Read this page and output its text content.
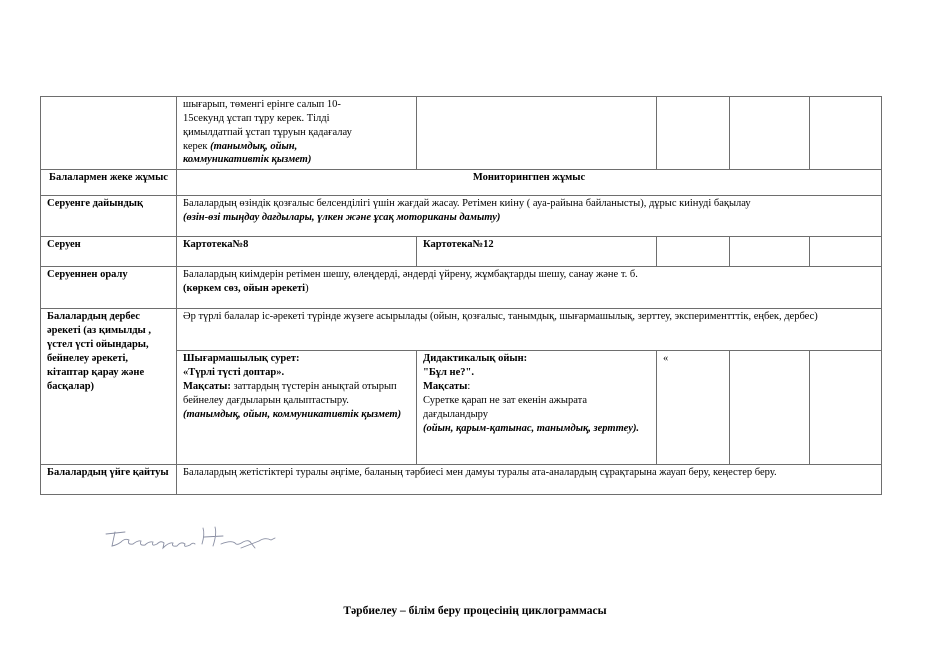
	шығарып, төменгі ерінге салып 10-
15секунд ұстап тұру керек. Тілді
қимылдатпай ұстап тұруын қадағалау
керек (танымдық, ойын,
коммуникативтік қызмет)				
Балалармен жеке жұмыс	Мониторингпен жұмыс				
Серуенге дайындық	Балалардың өзіндік қозғалыс белсенділігі үшін жағдай жасау. Ретімен киіну ( ауа-райына байланысты), дұрыс киінуді бақылау
(өзін-өзі тыңдау дағдылары, үлкен және ұсақ моториканы дамыту)				
Серуен	Картотека№8	Картотека№12			
Серуеннен оралу	Балалардың киімдерін ретімен шешу, өлеңдерді, әндерді үйрену, жұмбақтарды шешу, санау және т. б.
(көркем сөз, ойын әрекеті)				
Балалардың дербес әрекеті (аз қимылды , үстел үсті ойындары, бейнелеу әрекеті, кітаптар қарау және басқалар)	Әр түрлі балалар іс-әрекеті түрінде жүзеге асырылады (ойын, қозғалыс, танымдық, шығармашылық, зерттеу, экспериментттік, еңбек, дербес)				
	Шығармашылық сурет:
«Түрлі түсті доптар».
Мақсаты: заттардың түстерін анықтай отырып бейнелеу дағдыларын қалыптастыру.
(танымдық, ойын, коммуникативтік қызмет)	Дидактикалық ойын:
"Бұл не?".
Мақсаты:
Суретке қарап не зат екенін ажырата дағдыландыру
(ойын, қарым-қатынас, танымдық, зерттеу).	«		
Балалардың үйге қайтуы	Балалардың жетістіктері туралы әңгіме, баланың тәрбиесі мен дамуы туралы ата-аналардың сұрақтарына жауап беру, кеңестер беру.				
Тәрбиелеу – білім беру процесінің циклограммасы
